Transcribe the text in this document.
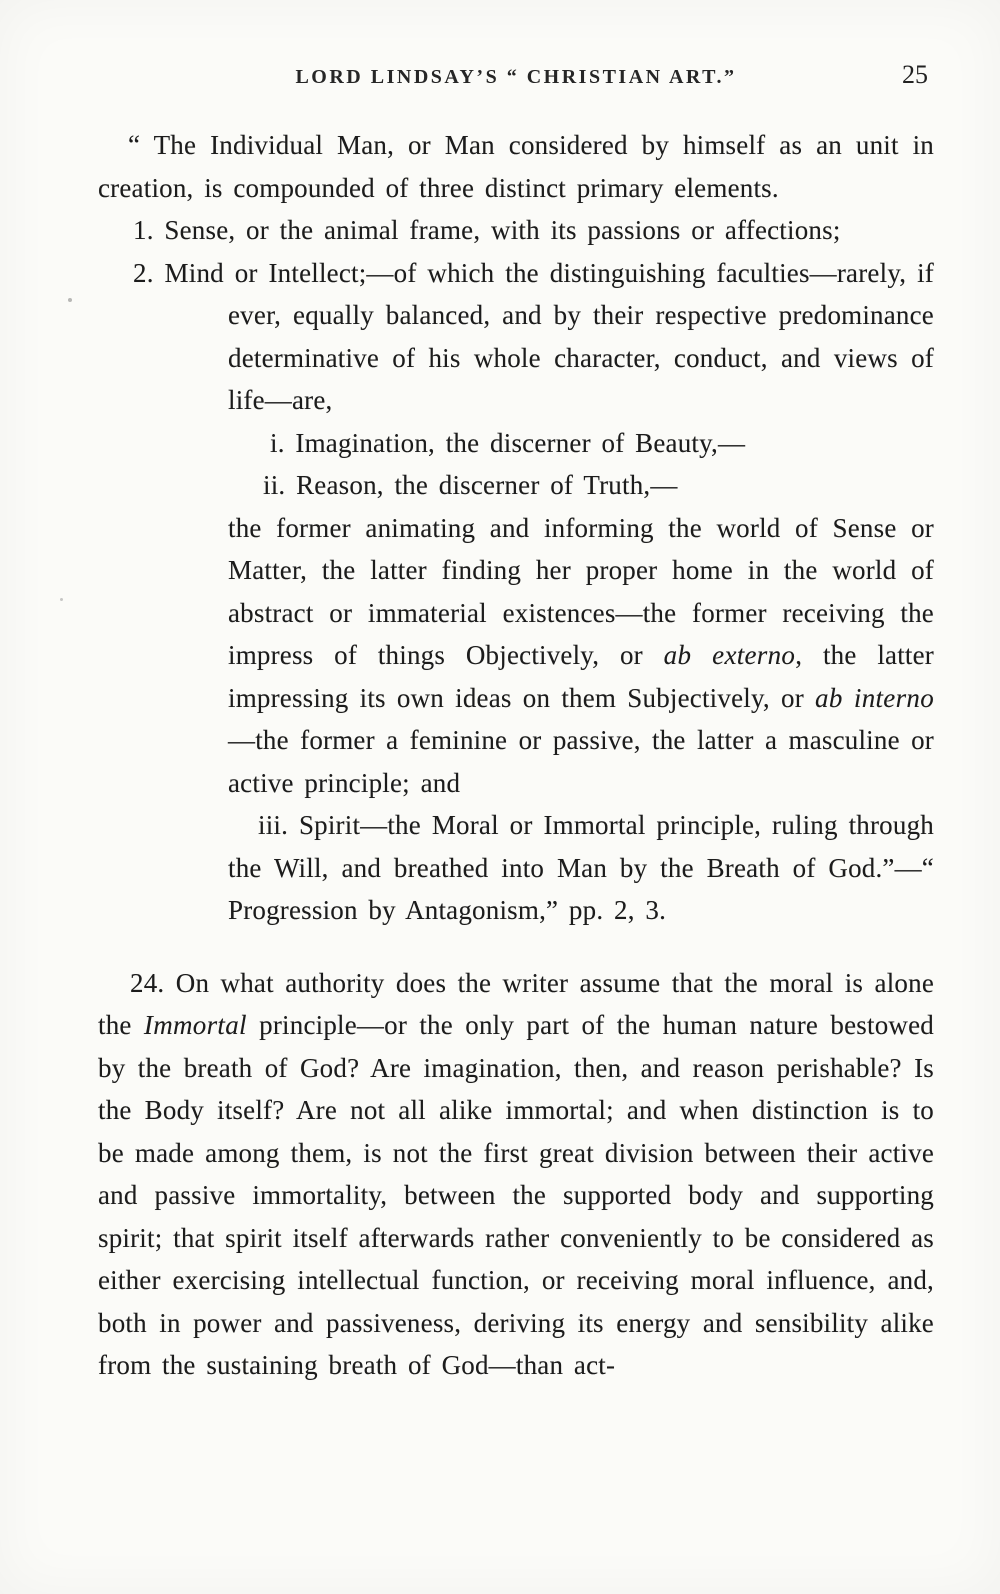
LORD LINDSAY’S “ CHRISTIAN ART.”	25

“ The Individual Man, or Man considered by himself as an unit in creation, is compounded of three distinct primary elements.

1. Sense, or the animal frame, with its passions or affections;

2. Mind or Intellect;—of which the distinguishing faculties—rarely, if ever, equally balanced, and by their respective predominance determinative of his whole character, conduct, and views of life—are,

i. Imagination, the discerner of Beauty,—

ii. Reason, the discerner of Truth,—

the former animating and informing the world of Sense or Matter, the latter finding her proper home in the world of abstract or immaterial existences—the former receiving the impress of things Objectively, or ab externo, the latter impressing its own ideas on them Subjectively, or ab interno—the former a feminine or passive, the latter a masculine or active principle; and

iii. Spirit—the Moral or Immortal principle, ruling through the Will, and breathed into Man by the Breath of God.”—“ Progression by Antagonism,” pp. 2, 3.

24. On what authority does the writer assume that the moral is alone the Immortal principle—or the only part of the human nature bestowed by the breath of God? Are imagination, then, and reason perishable? Is the Body itself? Are not all alike immortal; and when distinction is to be made among them, is not the first great division between their active and passive immortality, between the supported body and supporting spirit; that spirit itself afterwards rather conveniently to be considered as either exercising intellectual function, or receiving moral influence, and, both in power and passiveness, deriving its energy and sensibility alike from the sustaining breath of God—than act-
